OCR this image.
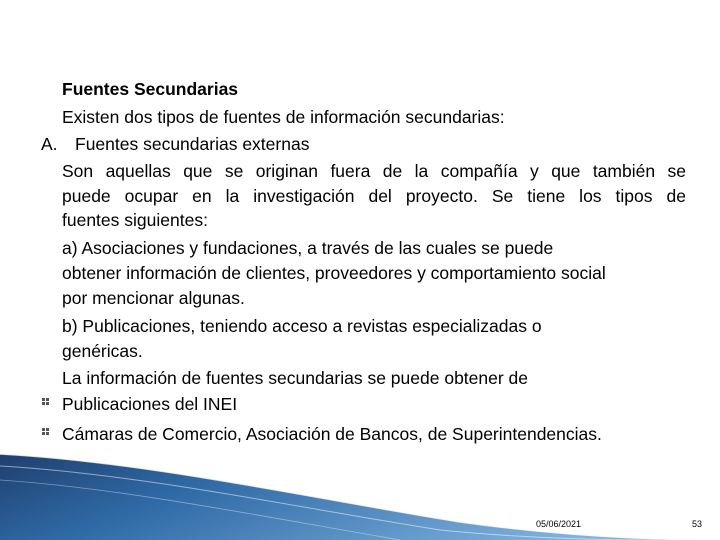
Fuentes Secundarias
Existen dos tipos de fuentes de información secundarias:
A. Fuentes secundarias externas
Son aquellas que se originan fuera de la compañía y que también se
puede ocupar en la investigación del proyecto. Se tiene los tipos de
fuentes siguientes:
a) Asociaciones y fundaciones, a través de las cuales se puede
obtener información de clientes, proveedores y comportamiento social
por mencionar algunas.
b) Publicaciones, teniendo acceso a revistas especializadas o
genéricas.
La información de fuentes secundarias se puede obtener de
Publicaciones del INEI
Cámaras de Comercio, Asociación de Bancos, de Superintendencias.
05/06/2021	53
